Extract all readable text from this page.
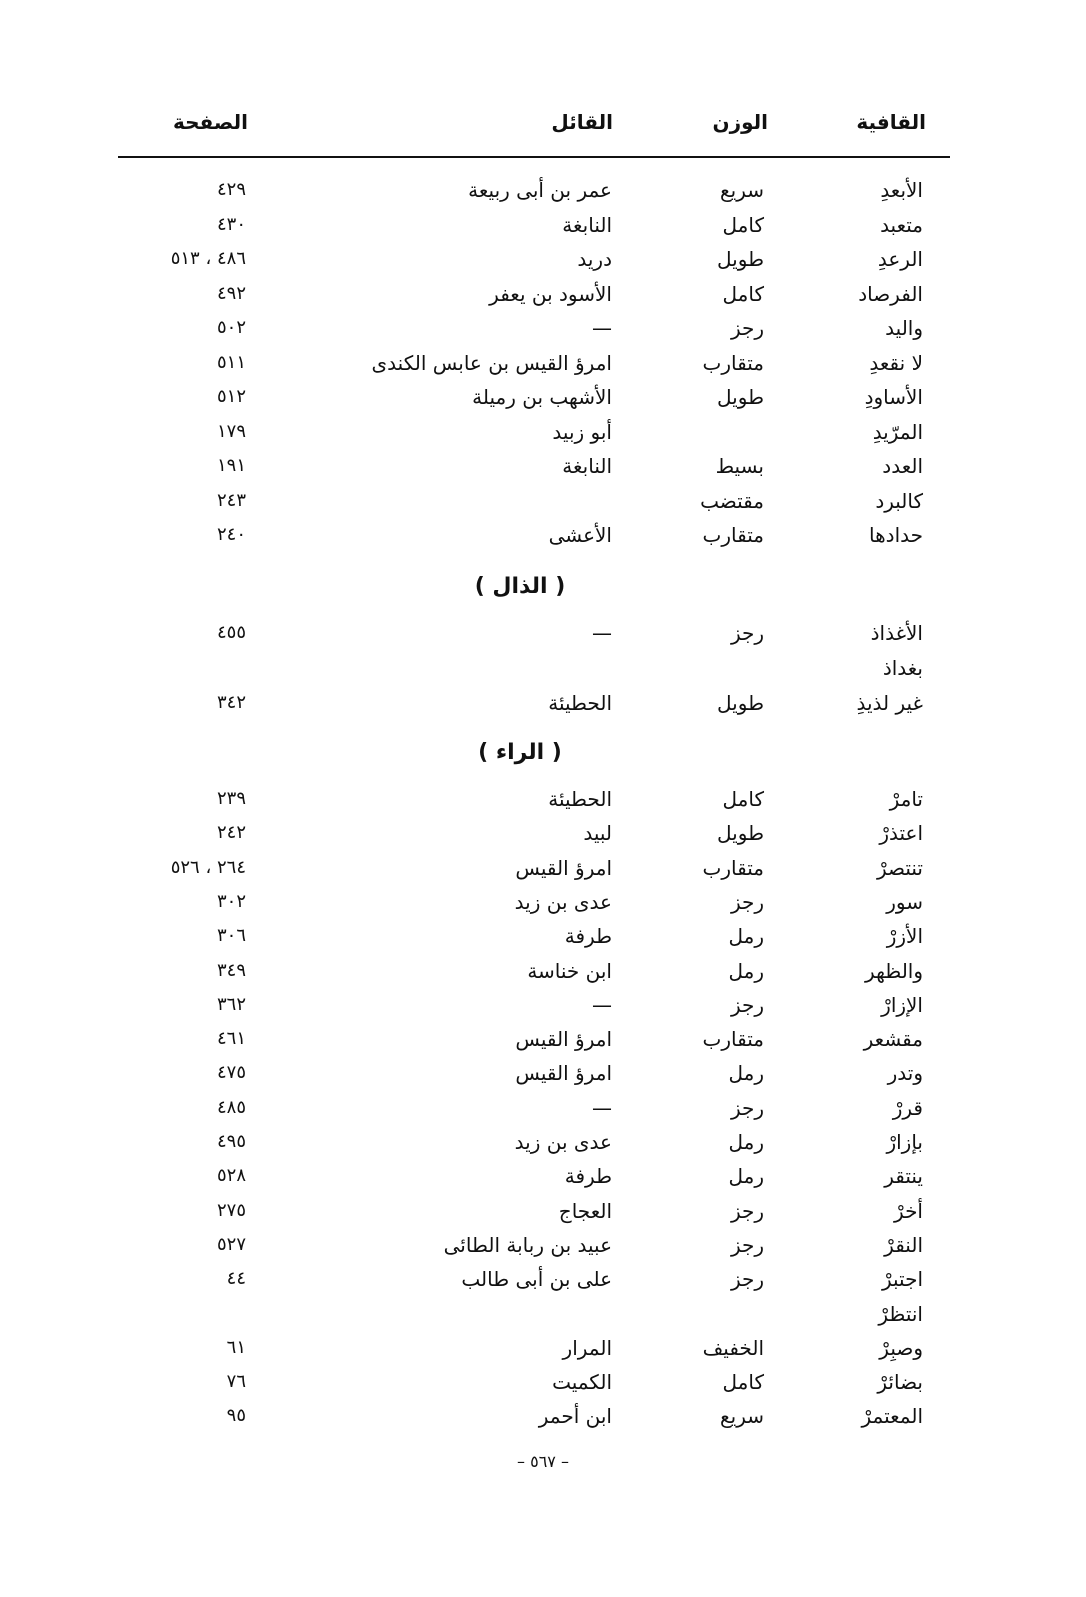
القافية
الوزن
القائل
الصفحة
الأبعدِ
سريع
عمر بن أبى ربيعة
٤٢٩
متعبد
كامل
النابغة
٤٣٠
الرعدِ
طويل
دريد
٤٨٦ ، ٥١٣
الفرصاد
كامل
الأسود بن يعفر
٤٩٢
واليد
رجز
—
٥٠٢
لا نقعدِ
متقارب
امرؤ القيس بن عابس الكندى
٥١١
الأساودِ
طويل
الأشهب بن رميلة
٥١٢
المرّيدِ
أبو زبيد
١٧٩
العدد
بسيط
النابغة
١٩١
كالبرد
مقتضب
٢٤٣
حدادها
متقارب
الأعشى
٢٤٠
( الذال )
الأغذاذ
رجز
—
٤٥٥
بغداذ
غير لذيذِ
طويل
الحطيئة
٣٤٢
( الراء )
تامرْ
كامل
الحطيئة
٢٣٩
اعتذرْ
طويل
لبيد
٢٤٢
تنتصرْ
متقارب
امرؤ القيس
٢٦٤ ، ٥٢٦
سور
رجز
عدى بن زيد
٣٠٢
الأزرْ
رمل
طرفة
٣٠٦
والظهر
رمل
ابن خناسة
٣٤٩
الإزارْ
رجز
—
٣٦٢
مقشعر
متقارب
امرؤ القيس
٤٦١
وتدر
رمل
امرؤ القيس
٤٧٥
قررْ
رجز
—
٤٨٥
بإزارْ
رمل
عدى بن زيد
٤٩٥
ينتقر
رمل
طرفة
٥٢٨
أخرْ
رجز
العجاج
٢٧٥
النقرْ
رجز
عبيد بن ربابة الطائى
٥٢٧
اجتبرْ
رجز
على بن أبى طالب
٤٤
انتظرْ
وصبِرْ
الخفيف
المرار
٦١
بضائرْ
كامل
الكميت
٧٦
المعتمرْ
سريع
ابن أحمر
٩٥
– ٥٦٧ –
